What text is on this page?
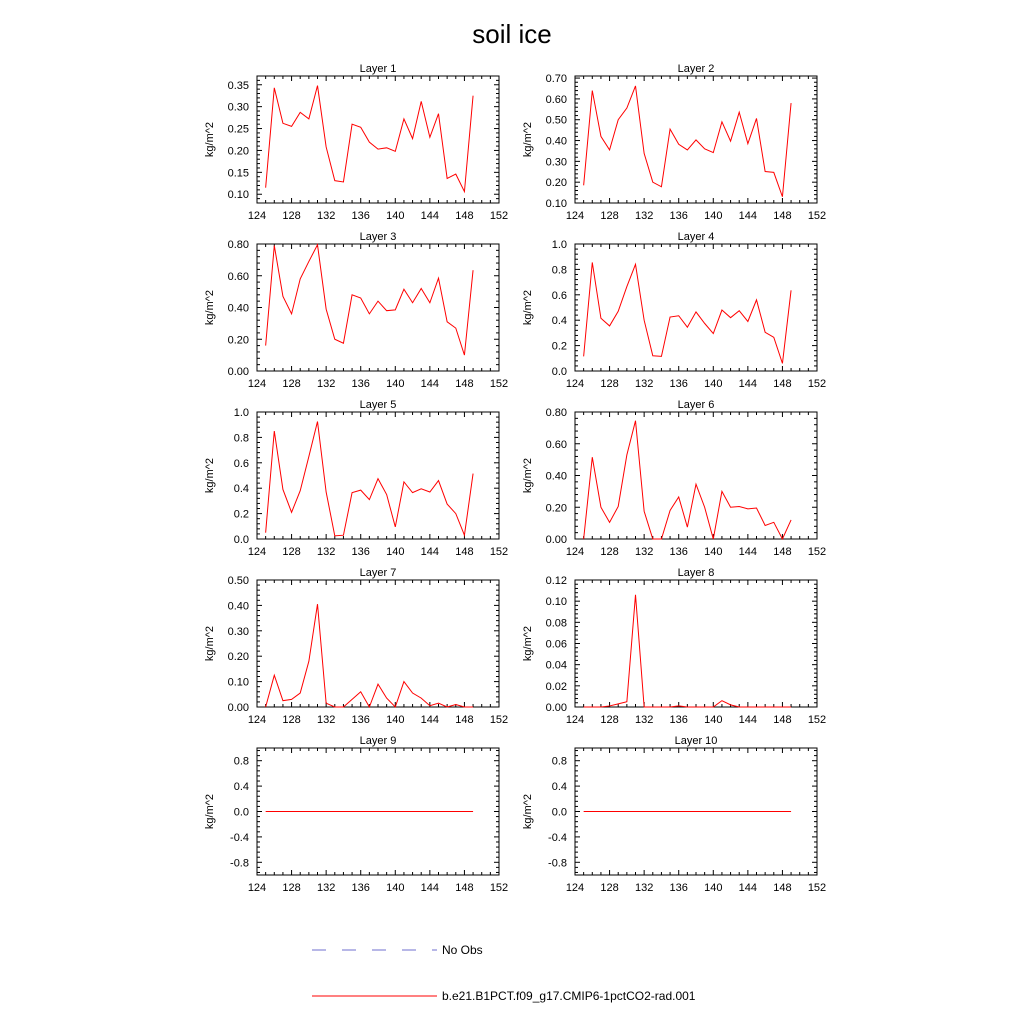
soil ice
Layer 1
kg/m^2
124 128 132 136 140 144 148 152
0.10
0.15
0.20
0.25
0.30
0.35
Layer 2
kg/m^2
124 128 132 136 140 144 148 152
0.10
0.20
0.30
0.40
0.50
0.60
0.70
Layer 3
kg/m^2
124 128 132 136 140 144 148 152
0.00
0.20
0.40
0.60
0.80
Layer 4
kg/m^2
124 128 132 136 140 144 148 152
0.0
0.2
0.4
0.6
0.8
1.0
Layer 5
kg/m^2
124 128 132 136 140 144 148 152
0.0
0.2
0.4
0.6
0.8
1.0
Layer 6
kg/m^2
124 128 132 136 140 144 148 152
0.00
0.20
0.40
0.60
0.80
Layer 7
kg/m^2
124 128 132 136 140 144 148 152
0.00
0.10
0.20
0.30
0.40
0.50
Layer 8
kg/m^2
124 128 132 136 140 144 148 152
0.00
0.02
0.04
0.06
0.08
0.10
0.12
Layer 9
kg/m^2
124 128 132 136 140 144 148 152
-0.8
-0.4
0.0
0.4
0.8
Layer 10
kg/m^2
124 128 132 136 140 144 148 152
-0.8
-0.4
0.0
0.4
0.8
No Obs
b.e21.B1PCT.f09_g17.CMIP6-1pctCO2-rad.001
